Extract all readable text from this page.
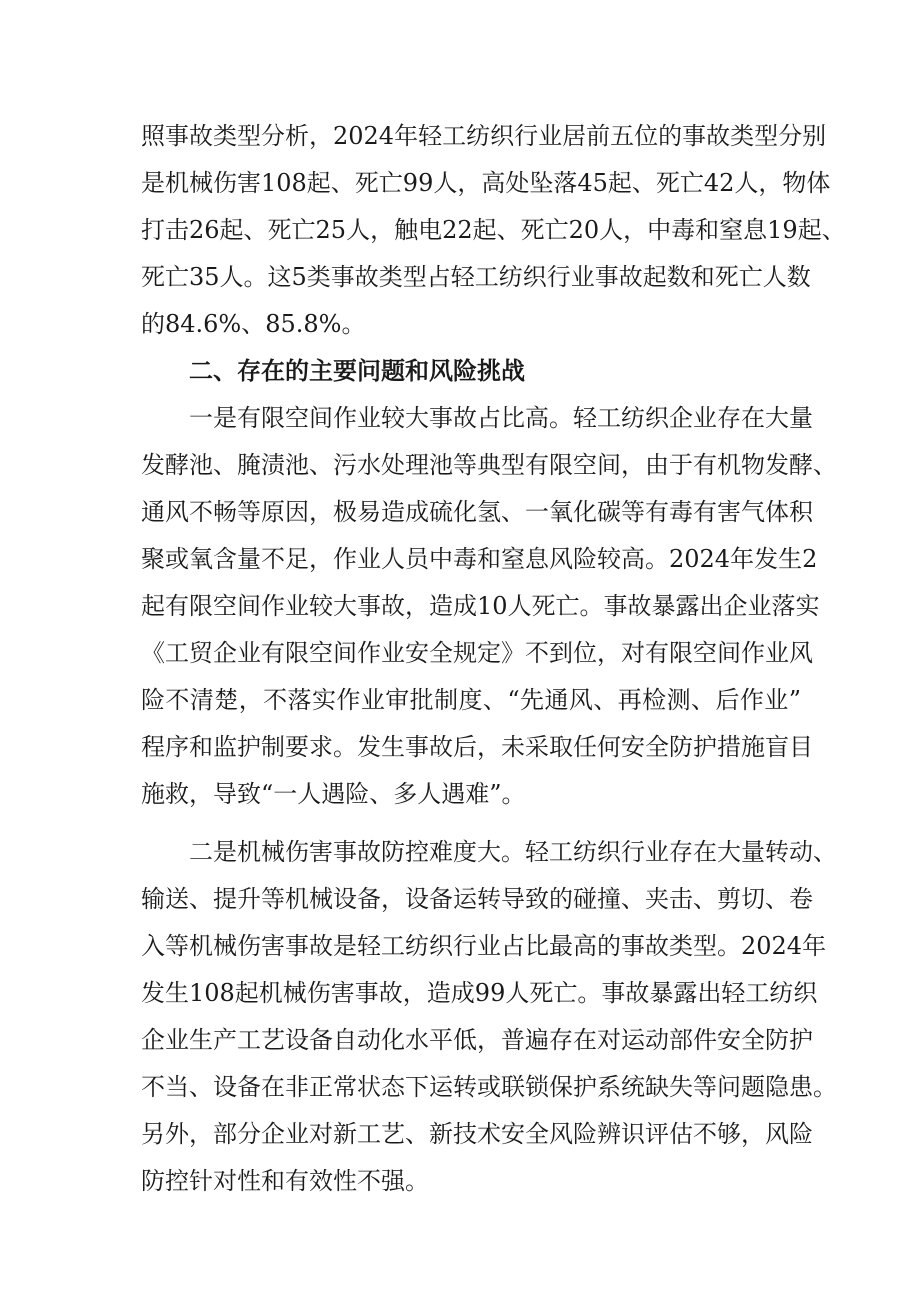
照事故类型分析，2024年轻工纺织行业居前五位的事故类型分别
是机械伤害108起、死亡99人，高处坠落45起、死亡42人，物体
打击26起、死亡25人，触电22起、死亡20人，中毒和窒息19起、
死亡35人。这5类事故类型占轻工纺织行业事故起数和死亡人数
的84.6%、85.8%。
二、存在的主要问题和风险挑战
一是有限空间作业较大事故占比高。轻工纺织企业存在大量
发酵池、腌渍池、污水处理池等典型有限空间，由于有机物发酵、
通风不畅等原因，极易造成硫化氢、一氧化碳等有毒有害气体积
聚或氧含量不足，作业人员中毒和窒息风险较高。2024年发生2
起有限空间作业较大事故，造成10人死亡。事故暴露出企业落实
《工贸企业有限空间作业安全规定》不到位，对有限空间作业风
险不清楚，不落实作业审批制度、“先通风、再检测、后作业”
程序和监护制要求。发生事故后，未采取任何安全防护措施盲目
施救，导致“一人遇险、多人遇难”。
二是机械伤害事故防控难度大。轻工纺织行业存在大量转动、
输送、提升等机械设备，设备运转导致的碰撞、夹击、剪切、卷
入等机械伤害事故是轻工纺织行业占比最高的事故类型。2024年
发生108起机械伤害事故，造成99人死亡。事故暴露出轻工纺织
企业生产工艺设备自动化水平低，普遍存在对运动部件安全防护
不当、设备在非正常状态下运转或联锁保护系统缺失等问题隐患。
另外，部分企业对新工艺、新技术安全风险辨识评估不够，风险
防控针对性和有效性不强。
